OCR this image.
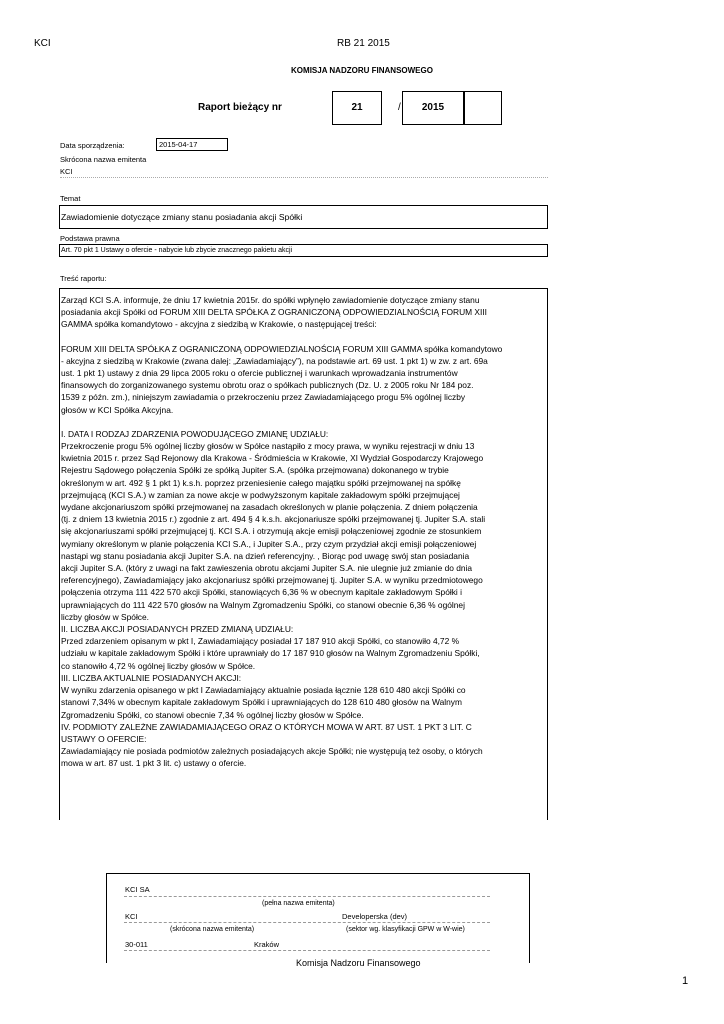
KCI	RB 21 2015
KOMISJA NADZORU FINANSOWEGO
Raport bieżący nr	21	/	2015
Data sporządzenia:	2015-04-17
Skrócona nazwa emitenta
KCI
Temat
Zawiadomienie dotyczące zmiany stanu posiadania akcji Spółki
Podstawa prawna
Art. 70 pkt 1 Ustawy o ofercie - nabycie lub zbycie znacznego pakietu akcji
Treść raportu:

Zarząd KCI S.A. informuje, że dniu 17 kwietnia 2015r. do spółki wpłynęło zawiadomienie dotyczące zmiany stanu
posiadania akcji Spółki od FORUM XIII DELTA SPÓŁKA Z OGRANICZONĄ ODPOWIEDZIALNOŚCIĄ FORUM XIII
GAMMA spółka komandytowo - akcyjna z siedzibą w Krakowie, o następującej treści:

FORUM XIII DELTA SPÓŁKA Z OGRANICZONĄ ODPOWIEDZIALNOŚCIĄ FORUM XIII GAMMA spółka komandytowo
- akcyjna z siedzibą w Krakowie (zwana dalej: „Zawiadamiający”), na podstawie art. 69 ust. 1 pkt 1) w zw. z art. 69a
ust. 1 pkt 1) ustawy z dnia 29 lipca 2005 roku o ofercie publicznej i warunkach wprowadzania instrumentów
finansowych do zorganizowanego systemu obrotu oraz o spółkach publicznych (Dz. U. z 2005 roku Nr 184 poz.
1539 z późn. zm.), niniejszym zawiadamia o przekroczeniu przez Zawiadamiającego progu 5% ogólnej liczby
głosów w KCI Spółka Akcyjna.

I. DATA I RODZAJ ZDARZENIA POWODUJĄCEGO ZMIANĘ UDZIAŁU:
Przekroczenie progu 5% ogólnej liczby głosów w Spółce nastąpiło z mocy prawa, w wyniku rejestracji w dniu 13
kwietnia 2015 r. przez Sąd Rejonowy dla Krakowa - Śródmieścia w Krakowie, XI Wydział Gospodarczy Krajowego
Rejestru Sądowego połączenia Spółki ze spółką Jupiter S.A. (spółka przejmowana) dokonanego w trybie
określonym w art. 492 § 1 pkt 1) k.s.h. poprzez przeniesienie całego majątku spółki przejmowanej na spółkę
przejmującą (KCI S.A.) w zamian za nowe akcje w podwyższonym kapitale zakładowym spółki przejmującej
wydane akcjonariuszom spółki przejmowanej na zasadach określonych w planie połączenia. Z dniem połączenia
(tj. z dniem 13 kwietnia 2015 r.) zgodnie z art. 494 § 4 k.s.h. akcjonariusze spółki przejmowanej tj. Jupiter S.A. stali
się akcjonariuszami spółki przejmującej tj. KCI S.A. i otrzymują akcje emisji połączeniowej zgodnie ze stosunkiem
wymiany określonym w planie połączenia KCI S.A., i Jupiter S.A., przy czym przydział akcji emisji połączeniowej
nastąpi wg stanu posiadania akcji Jupiter S.A. na dzień referencyjny. , Biorąc pod uwagę swój stan posiadania
akcji Jupiter S.A. (który z uwagi na fakt zawieszenia obrotu akcjami Jupiter S.A. nie ulegnie już zmianie do dnia
referencyjnego), Zawiadamiający jako akcjonariusz spółki przejmowanej tj. Jupiter S.A. w wyniku przedmiotowego
połączenia otrzyma 111 422 570 akcji Spółki, stanowiących 6,36 % w obecnym kapitale zakładowym Spółki i
uprawniających do 111 422 570 głosów na Walnym Zgromadzeniu Spółki, co stanowi obecnie 6,36 % ogólnej
liczby głosów w Spółce.
II. LICZBA AKCJI POSIADANYCH PRZED ZMIANĄ UDZIAŁU:
Przed zdarzeniem opisanym w pkt I, Zawiadamiający posiadał 17 187 910 akcji Spółki, co stanowiło 4,72 %
udziału w kapitale zakładowym Spółki i które uprawniały do 17 187 910 głosów na Walnym Zgromadzeniu Spółki,
co stanowiło 4,72 % ogólnej liczby głosów w Spółce.
III. LICZBA AKTUALNIE POSIADANYCH AKCJI:
W wyniku zdarzenia opisanego w pkt I Zawiadamiający aktualnie posiada łącznie 128 610 480 akcji Spółki co
stanowi 7,34% w obecnym kapitale zakładowym Spółki i uprawniających do 128 610 480 głosów na Walnym
Zgromadzeniu Spółki, co stanowi obecnie 7,34 % ogólnej liczby głosów w Spółce.
IV. PODMIOTY ZALEŻNE ZAWIADAMIAJĄCEGO ORAZ O KTÓRYCH MOWA W ART. 87 UST. 1 PKT 3 LIT. C
USTAWY O OFERCIE:
Zawiadamiający nie posiada podmiotów zależnych posiadających akcje Spółki; nie występują też osoby, o których
mowa w art. 87 ust. 1 pkt 3 lit. c) ustawy o ofercie.
KCI SA
(pełna nazwa emitenta)
KCI	Developerska (dev)
(skrócona nazwa emitenta)	(sektor wg. klasyfikacji GPW w W-wie)
30-011	Kraków
Komisja Nadzoru Finansowego
1
